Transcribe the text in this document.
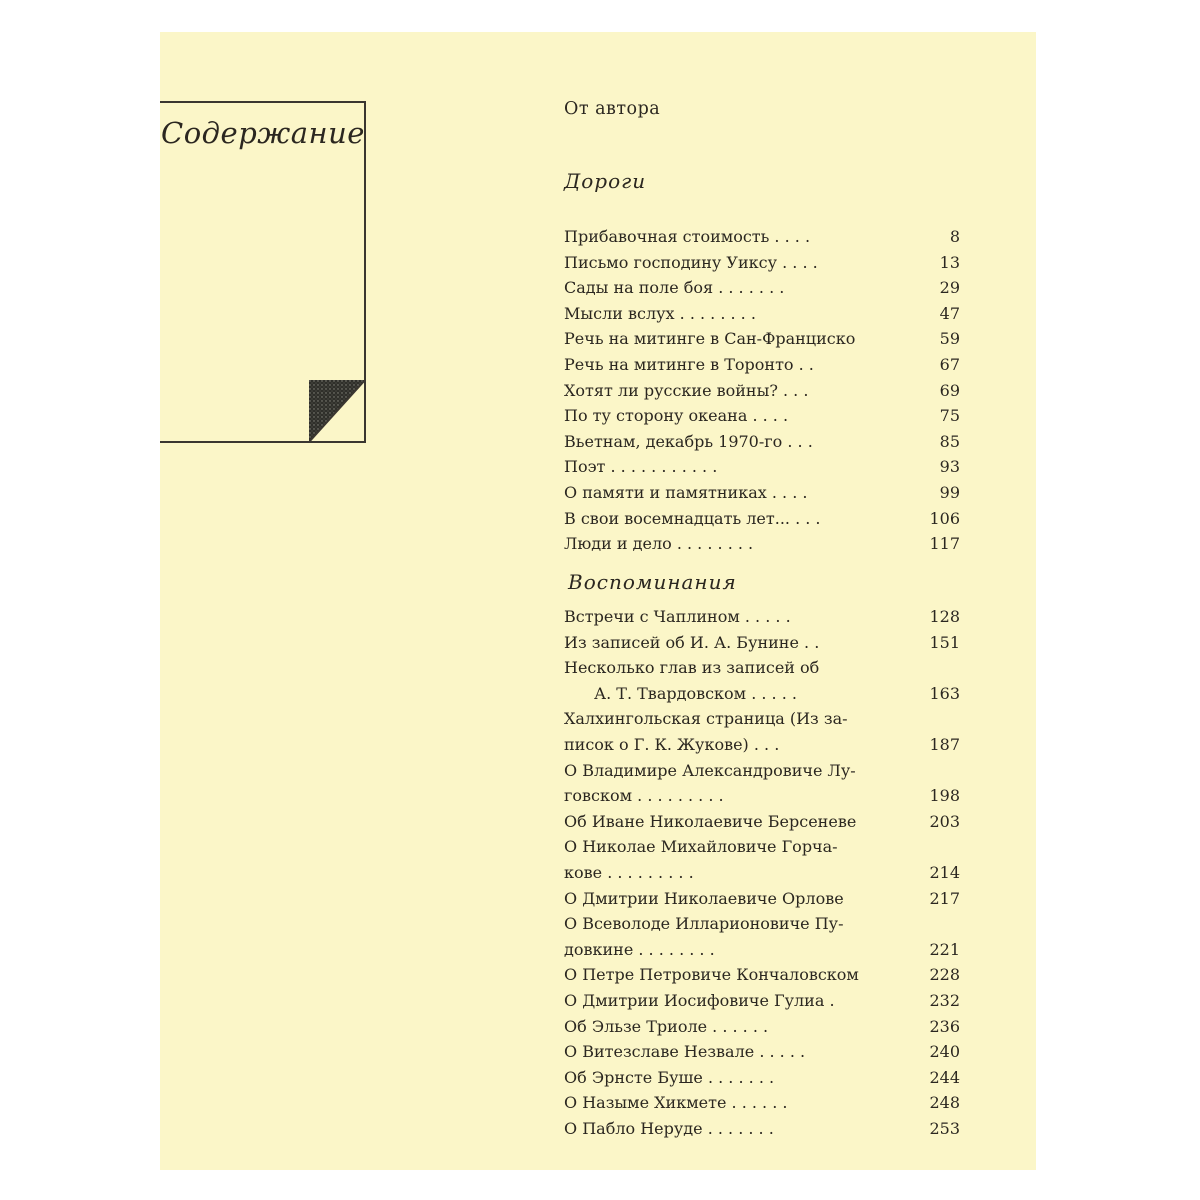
Содержание
От автора
Дороги
Воспоминания
Прибавочная стоимость . . . .	8
Письмо господину Уиксу . . . .	13
Сады на поле боя . . . . . . .	29
Мысли вслух . . . . . . . .	47
Речь на митинге в Сан-Франциско	59
Речь на митинге в Торонто . .	67
Хотят ли русские войны? . . .	69
По ту сторону океана . . . .	75
Вьетнам, декабрь 1970-го . . .	85
Поэт . . . . . . . . . . .	93
О памяти и памятниках . . . .	99
В свои восемнадцать лет... . . .	106
Люди и дело . . . . . . . .	117
Встречи с Чаплином . . . . .	128
Из записей об И. А. Бунине . .	151
Несколько глав из записей об
А. Т. Твардовском . . . . .	163
Халхингольская страница (Из за-
писок о Г. К. Жукове) . . .	187
О Владимире Александровиче Лу-
говском . . . . . . . . .	198
Об Иване Николаевиче Берсеневе	203
О Николае Михайловиче Горча-
кове . . . . . . . . .	214
О Дмитрии Николаевиче Орлове	217
О Всеволоде Илларионовиче Пу-
довкине . . . . . . . .	221
О Петре Петровиче Кончаловском	228
О Дмитрии Иосифовиче Гулиа .	232
Об Эльзе Триоле . . . . . .	236
О Витезславе Незвале . . . . .	240
Об Эрнсте Буше . . . . . . .	244
О Назыме Хикмете . . . . . .	248
О Пабло Неруде . . . . . . .	253
